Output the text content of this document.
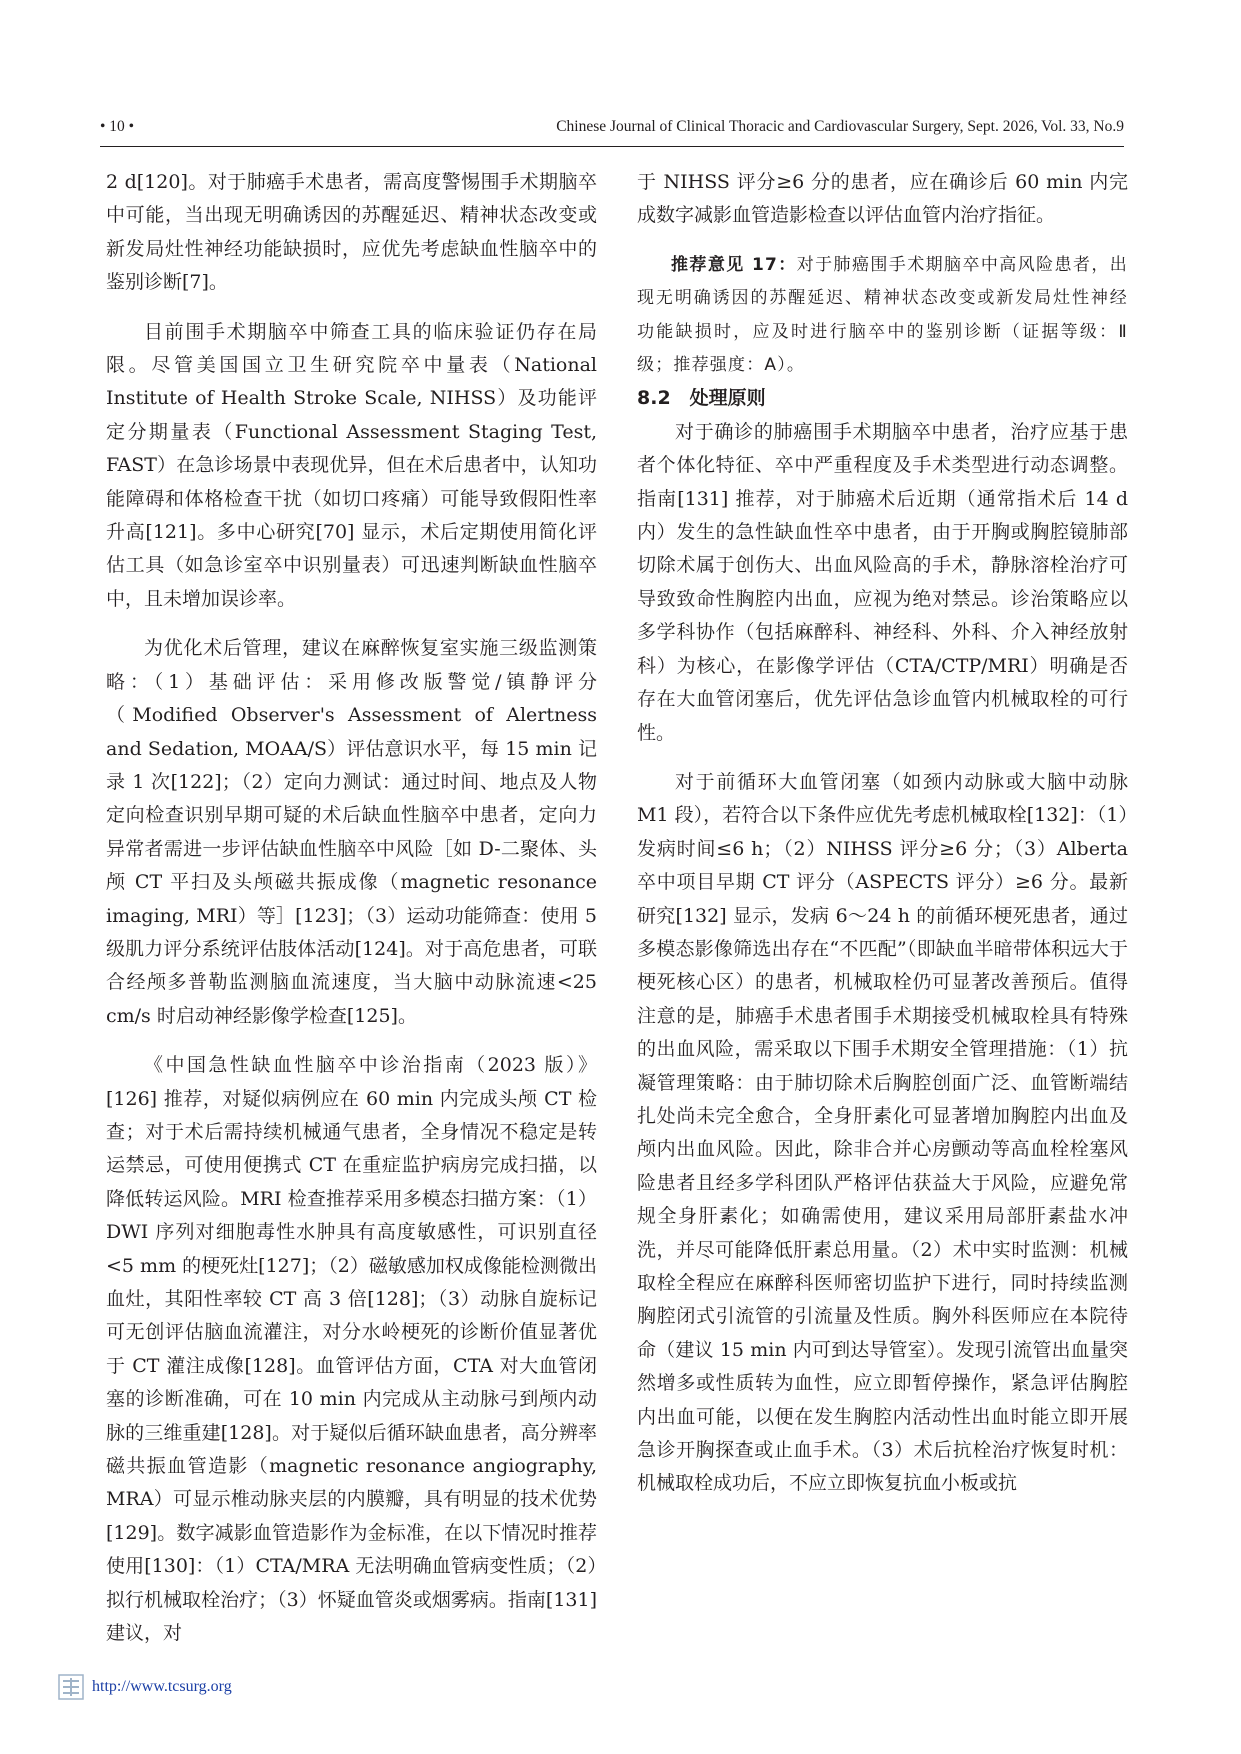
• 10 •	Chinese Journal of Clinical Thoracic and Cardiovascular Surgery, Sept. 2026, Vol. 33, No.9

2 d[120]。对于肺癌手术患者，需高度警惕围手术期脑卒中可能，当出现无明确诱因的苏醒延迟、精神状态改变或新发局灶性神经功能缺损时，应优先考虑缺血性脑卒中的鉴别诊断[7]。

目前围手术期脑卒中筛查工具的临床验证仍存在局限。尽管美国国立卫生研究院卒中量表（National Institute of Health Stroke Scale, NIHSS）及功能评定分期量表（Functional Assessment Staging Test, FAST）在急诊场景中表现优异，但在术后患者中，认知功能障碍和体格检查干扰（如切口疼痛）可能导致假阳性率升高[121]。多中心研究[70] 显示，术后定期使用简化评估工具（如急诊室卒中识别量表）可迅速判断缺血性脑卒中，且未增加误诊率。

为优化术后管理，建议在麻醉恢复室实施三级监测策略：（1）基础评估：采用修改版警觉/镇静评分（Modified Observer's Assessment of Alertness and Sedation, MOAA/S）评估意识水平，每 15 min 记录 1 次[122]；（2）定向力测试：通过时间、地点及人物定向检查识别早期可疑的术后缺血性脑卒中患者，定向力异常者需进一步评估缺血性脑卒中风险［如 D-二聚体、头颅 CT 平扫及头颅磁共振成像（magnetic resonance imaging, MRI）等］[123]；（3）运动功能筛查：使用 5 级肌力评分系统评估肢体活动[124]。对于高危患者，可联合经颅多普勒监测脑血流速度，当大脑中动脉流速<25 cm/s 时启动神经影像学检查[125]。

《中国急性缺血性脑卒中诊治指南（2023 版）》[126] 推荐，对疑似病例应在 60 min 内完成头颅 CT 检查；对于术后需持续机械通气患者，全身情况不稳定是转运禁忌，可使用便携式 CT 在重症监护病房完成扫描，以降低转运风险。MRI 检查推荐采用多模态扫描方案：（1）DWI 序列对细胞毒性水肿具有高度敏感性，可识别直径<5 mm 的梗死灶[127]；（2）磁敏感加权成像能检测微出血灶，其阳性率较 CT 高 3 倍[128]；（3）动脉自旋标记可无创评估脑血流灌注，对分水岭梗死的诊断价值显著优于 CT 灌注成像[128]。血管评估方面，CTA 对大血管闭塞的诊断准确，可在 10 min 内完成从主动脉弓到颅内动脉的三维重建[128]。对于疑似后循环缺血患者，高分辨率磁共振血管造影（magnetic resonance angiography, MRA）可显示椎动脉夹层的内膜瓣，具有明显的技术优势[129]。数字减影血管造影作为金标准，在以下情况时推荐使用[130]：（1）CTA/MRA 无法明确血管病变性质；（2）拟行机械取栓治疗；（3）怀疑血管炎或烟雾病。指南[131] 建议，对

于 NIHSS 评分≥6 分的患者，应在确诊后 60 min 内完成数字减影血管造影检查以评估血管内治疗指征。

推荐意见 17：对于肺癌围手术期脑卒中高风险患者，出现无明确诱因的苏醒延迟、精神状态改变或新发局灶性神经功能缺损时，应及时进行脑卒中的鉴别诊断（证据等级：Ⅱ级；推荐强度：A）。

8.2　处理原则

对于确诊的肺癌围手术期脑卒中患者，治疗应基于患者个体化特征、卒中严重程度及手术类型进行动态调整。指南[131] 推荐，对于肺癌术后近期（通常指术后 14 d 内）发生的急性缺血性卒中患者，由于开胸或胸腔镜肺部切除术属于创伤大、出血风险高的手术，静脉溶栓治疗可导致致命性胸腔内出血，应视为绝对禁忌。诊治策略应以多学科协作（包括麻醉科、神经科、外科、介入神经放射科）为核心，在影像学评估（CTA/CTP/MRI）明确是否存在大血管闭塞后，优先评估急诊血管内机械取栓的可行性。

对于前循环大血管闭塞（如颈内动脉或大脑中动脉 M1 段），若符合以下条件应优先考虑机械取栓[132]：（1）发病时间≤6 h；（2）NIHSS 评分≥6 分；（3）Alberta 卒中项目早期 CT 评分（ASPECTS 评分）≥6 分。最新研究[132] 显示，发病 6～24 h 的前循环梗死患者，通过多模态影像筛选出存在“不匹配”（即缺血半暗带体积远大于梗死核心区）的患者，机械取栓仍可显著改善预后。值得注意的是，肺癌手术患者围手术期接受机械取栓具有特殊的出血风险，需采取以下围手术期安全管理措施：（1）抗凝管理策略：由于肺切除术后胸腔创面广泛、血管断端结扎处尚未完全愈合，全身肝素化可显著增加胸腔内出血及颅内出血风险。因此，除非合并心房颤动等高血栓栓塞风险患者且经多学科团队严格评估获益大于风险，应避免常规全身肝素化；如确需使用，建议采用局部肝素盐水冲洗，并尽可能降低肝素总用量。（2）术中实时监测：机械取栓全程应在麻醉科医师密切监护下进行，同时持续监测胸腔闭式引流管的引流量及性质。胸外科医师应在本院待命（建议 15 min 内可到达导管室）。发现引流管出血量突然增多或性质转为血性，应立即暂停操作，紧急评估胸腔内出血可能，以便在发生胸腔内活动性出血时能立即开展急诊开胸探查或止血手术。（3）术后抗栓治疗恢复时机：机械取栓成功后，不应立即恢复抗血小板或抗

http://www.tcsurg.org
